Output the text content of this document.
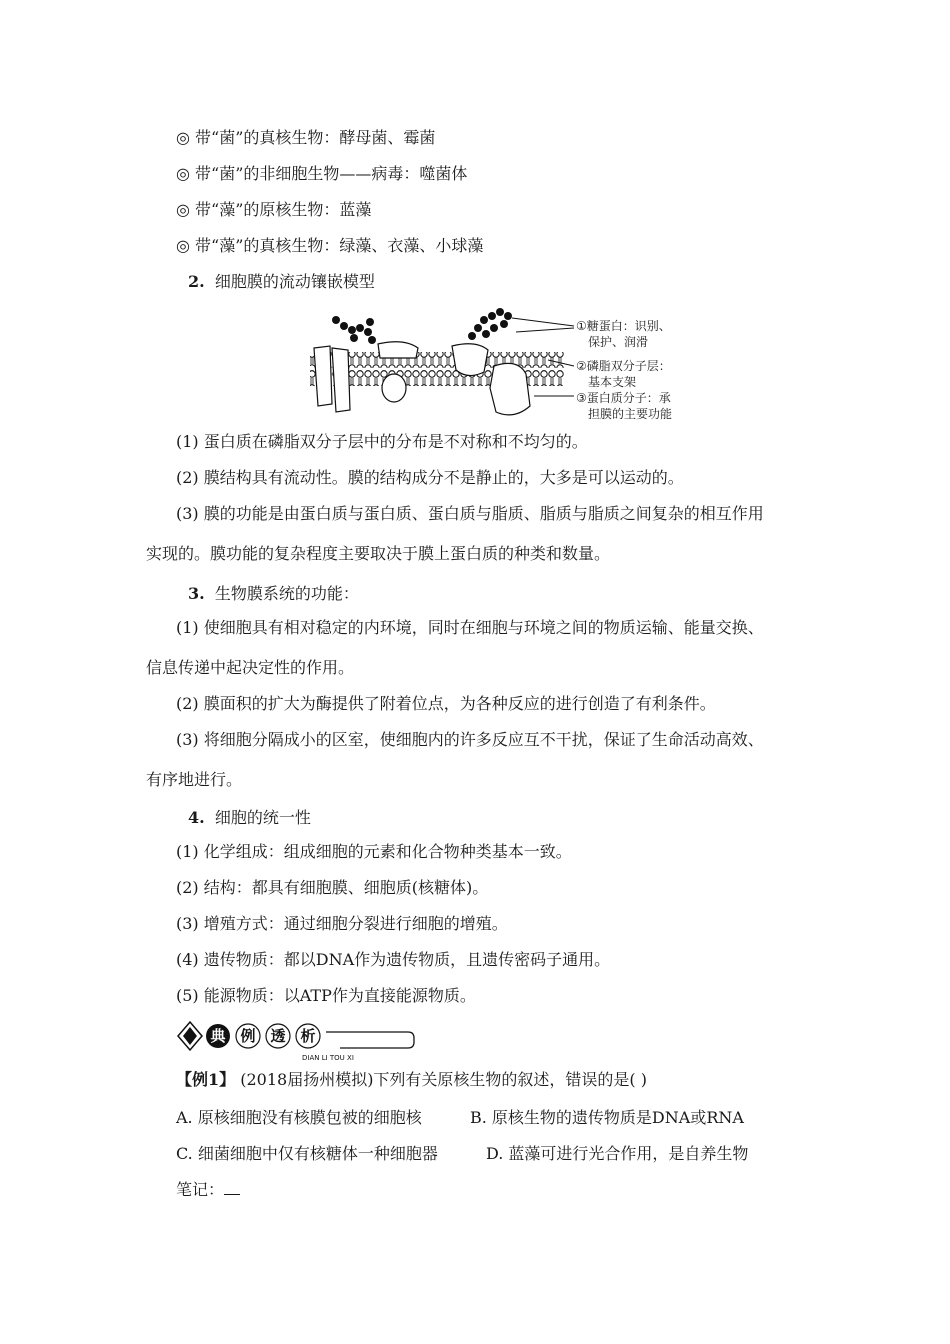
◎ 带“菌”的真核生物：酵母菌、霉菌
◎ 带“菌”的非细胞生物——病毒：噬菌体
◎ 带“藻”的原核生物：蓝藻
◎ 带“藻”的真核生物：绿藻、衣藻、小球藻
2. 细胞膜的流动镶嵌模型
①糖蛋白：识别、
保护、润滑
②磷脂双分子层：
基本支架
③蛋白质分子：承
担膜的主要功能
(1) 蛋白质在磷脂双分子层中的分布是不对称和不均匀的。
(2) 膜结构具有流动性。膜的结构成分不是静止的，大多是可以运动的。
(3) 膜的功能是由蛋白质与蛋白质、蛋白质与脂质、脂质与脂质之间复杂的相互作用
实现的。膜功能的复杂程度主要取决于膜上蛋白质的种类和数量。
3. 生物膜系统的功能：
(1) 使细胞具有相对稳定的内环境，同时在细胞与环境之间的物质运输、能量交换、
信息传递中起决定性的作用。
(2) 膜面积的扩大为酶提供了附着位点，为各种反应的进行创造了有利条件。
(3) 将细胞分隔成小的区室，使细胞内的许多反应互不干扰，保证了生命活动高效、
有序地进行。
4. 细胞的统一性
(1) 化学组成：组成细胞的元素和化合物种类基本一致。
(2) 结构：都具有细胞膜、细胞质(核糖体)。
(3) 增殖方式：通过细胞分裂进行细胞的增殖。
(4) 遗传物质：都以DNA作为遗传物质，且遗传密码子通用。
(5) 能源物质：以ATP作为直接能源物质。
典 例 透 析
DIAN LI TOU XI
【例1】 (2018届扬州模拟)下列有关原核生物的叙述，错误的是( )
A. 原核细胞没有核膜包被的细胞核	B. 原核生物的遗传物质是DNA或RNA
C. 细菌细胞中仅有核糖体一种细胞器	D. 蓝藻可进行光合作用，是自养生物
笔记：
